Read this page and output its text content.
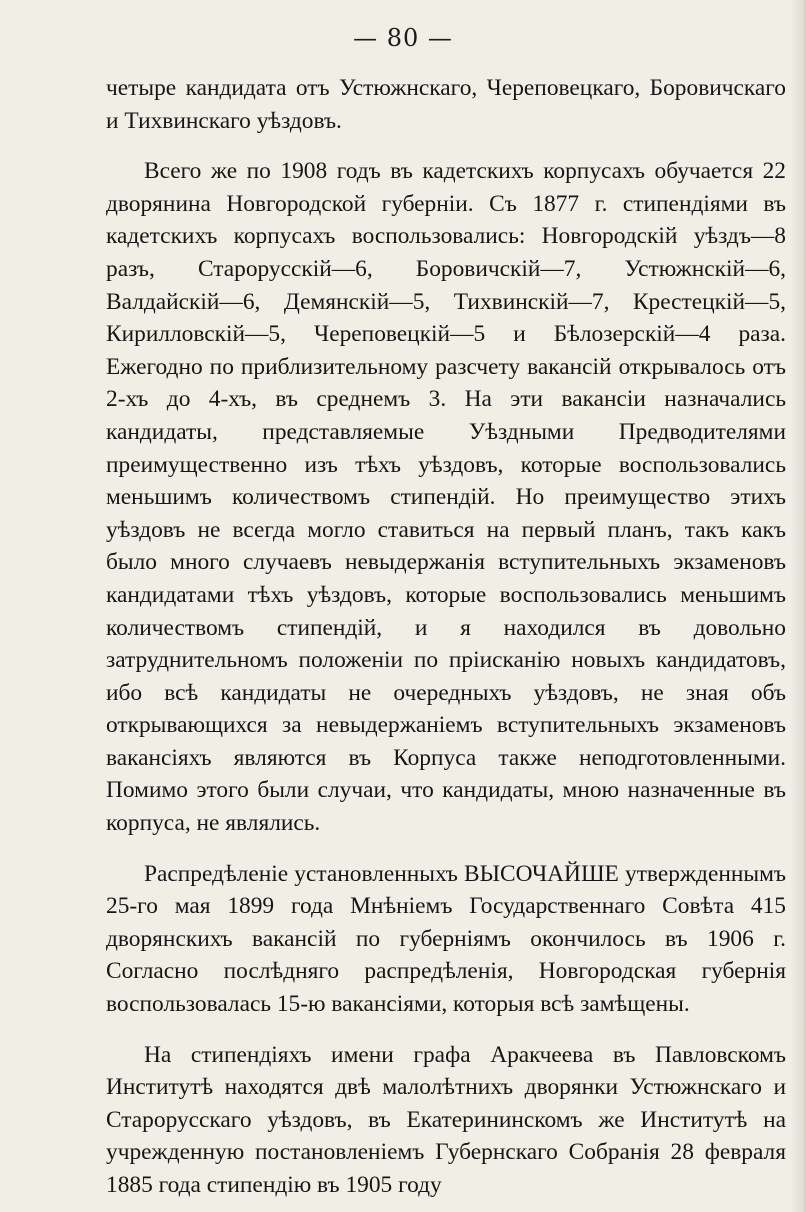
— 80 —

четыре кандидата отъ Устюжнскаго, Череповецкаго, Боровичскаго и Тихвинскаго уѣздовъ.

Всего же по 1908 годъ въ кадетскихъ корпусахъ обучается 22 дворянина Новгородской губерніи. Съ 1877 г. стипендіями въ кадетскихъ корпусахъ воспользовались: Новгородскій уѣздъ—8 разъ, Старорусскій—6, Боровичскій—7, Устюжнскій—6, Валдайскій—6, Демянскій—5, Тихвинскій—7, Крестецкій—5, Кирилловскій—5, Череповецкій—5 и Бѣлозерскій—4 раза. Ежегодно по приблизительному разсчету вакансій открывалось отъ 2-хъ до 4-хъ, въ среднемъ 3. На эти вакансіи назначались кандидаты, представляемые Уѣздными Предводителями преимущественно изъ тѣхъ уѣздовъ, которые воспользовались меньшимъ количествомъ стипендій. Но преимущество этихъ уѣздовъ не всегда могло ставиться на первый планъ, такъ какъ было много случаевъ невыдержанія вступительныхъ экзаменовъ кандидатами тѣхъ уѣздовъ, которые воспользовались меньшимъ количествомъ стипендій, и я находился въ довольно затруднительномъ положеніи по пріисканію новыхъ кандидатовъ, ибо всѣ кандидаты не очередныхъ уѣздовъ, не зная объ открывающихся за невыдержаніемъ вступительныхъ экзаменовъ вакансіяхъ являются въ Корпуса также неподготовленными. Помимо этого были случаи, что кандидаты, мною назначенные въ корпуса, не являлись.

Распредѣленіе установленныхъ ВЫСОЧАЙШЕ утвержденнымъ 25-го мая 1899 года Мнѣніемъ Государственнаго Совѣта 415 дворянскихъ вакансій по губерніямъ окончилось въ 1906 г. Согласно послѣдняго распредѣленія, Новгородская губернія воспользовалась 15-ю вакансіями, которыя всѣ замѣщены.

На стипендіяхъ имени графа Аракчеева въ Павловскомъ Институтѣ находятся двѣ малолѣтнихъ дворянки Устюжнскаго и Старорусскаго уѣздовъ, въ Екатерининскомъ же Институтѣ на учрежденную постановленіемъ Губернскаго Собранія 28 февраля 1885 года стипендію въ 1905 году
